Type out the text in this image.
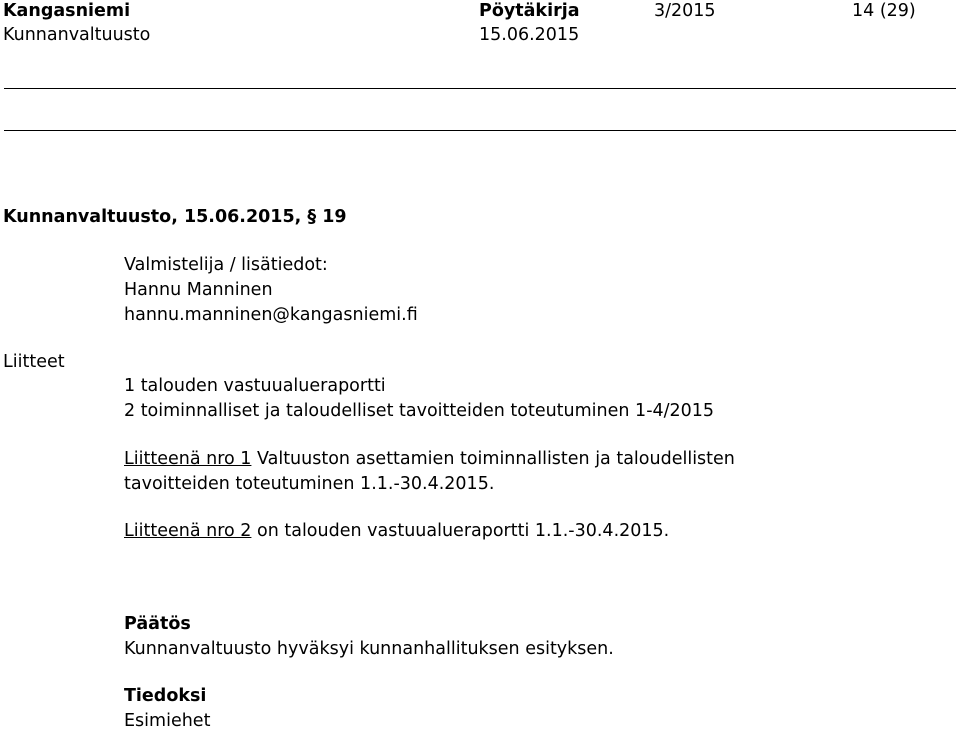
Kangasniemi	Pöytäkirja	3/2015	14 (29)
Kunnanvaltuusto	15.06.2015
Kunnanvaltuusto, 15.06.2015, § 19
Valmistelija / lisätiedot:
Hannu Manninen
hannu.manninen@kangasniemi.fi
Liitteet
1 talouden vastuualueraportti
2 toiminnalliset ja taloudelliset tavoitteiden toteutuminen 1-4/2015
Liitteenä nro 1 Valtuuston asettamien toiminnallisten ja taloudellisten
tavoitteiden toteutuminen 1.1.-30.4.2015.
Liitteenä nro 2 on talouden vastuualueraportti 1.1.-30.4.2015.
Päätös
Kunnanvaltuusto hyväksyi kunnanhallituksen esityksen.
Tiedoksi
Esimiehet
